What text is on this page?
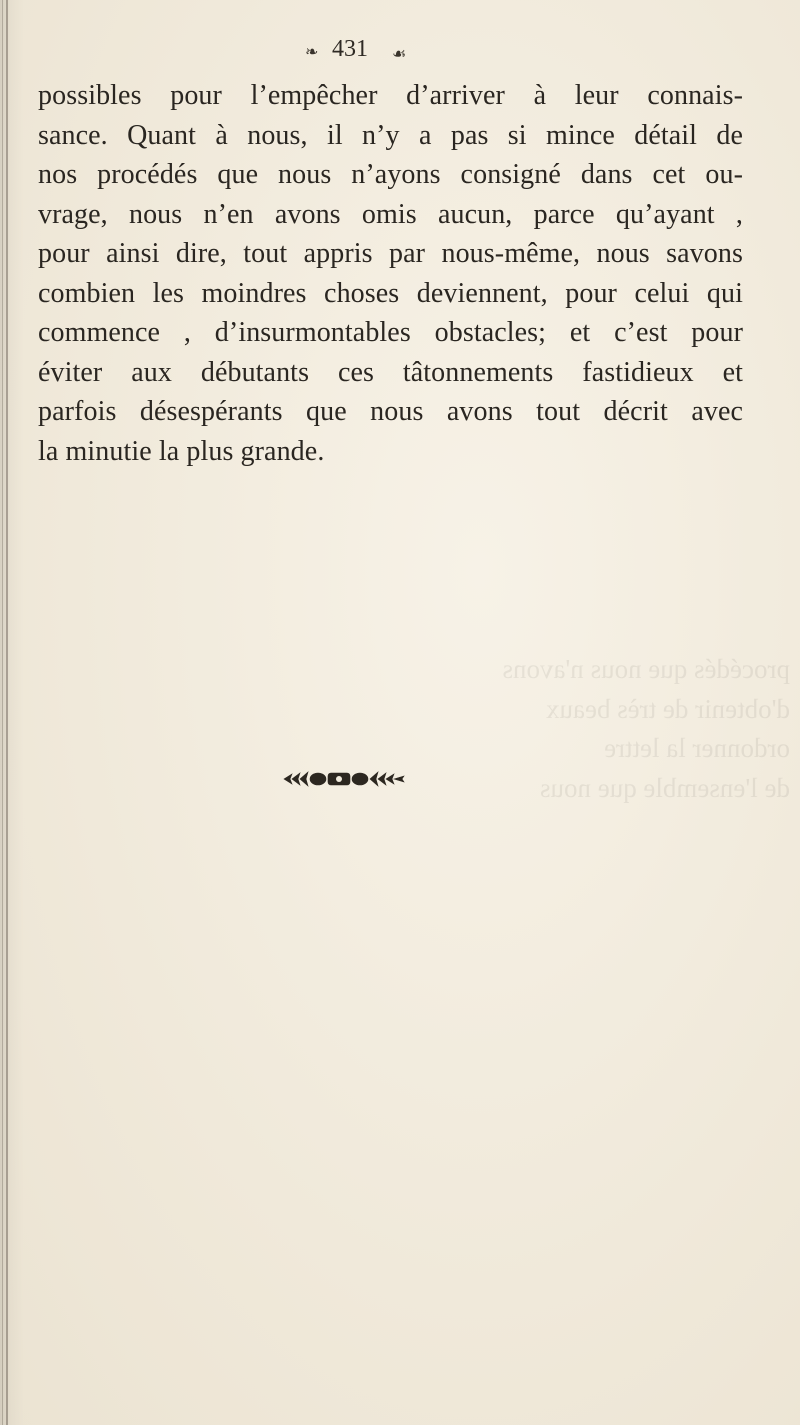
❧ 431 ☙

possibles pour l’empêcher d’arriver à leur connais-
sance. Quant à nous, il n’y a pas si mince détail de
nos procédés que nous n’ayons consigné dans cet ou-
vrage, nous n’en avons omis aucun, parce qu’ayant ,
pour ainsi dire, tout appris par nous-même, nous savons
combien les moindres choses deviennent, pour celui qui
commence , d’insurmontables obstacles; et c’est pour
éviter aux débutants ces tâtonnements fastidieux et
parfois désespérants que nous avons tout décrit avec
la minutie la plus grande.

procédés que nous n'avons
d'obtenir de très beaux
ordonner la lettre
de l'ensemble que nous
